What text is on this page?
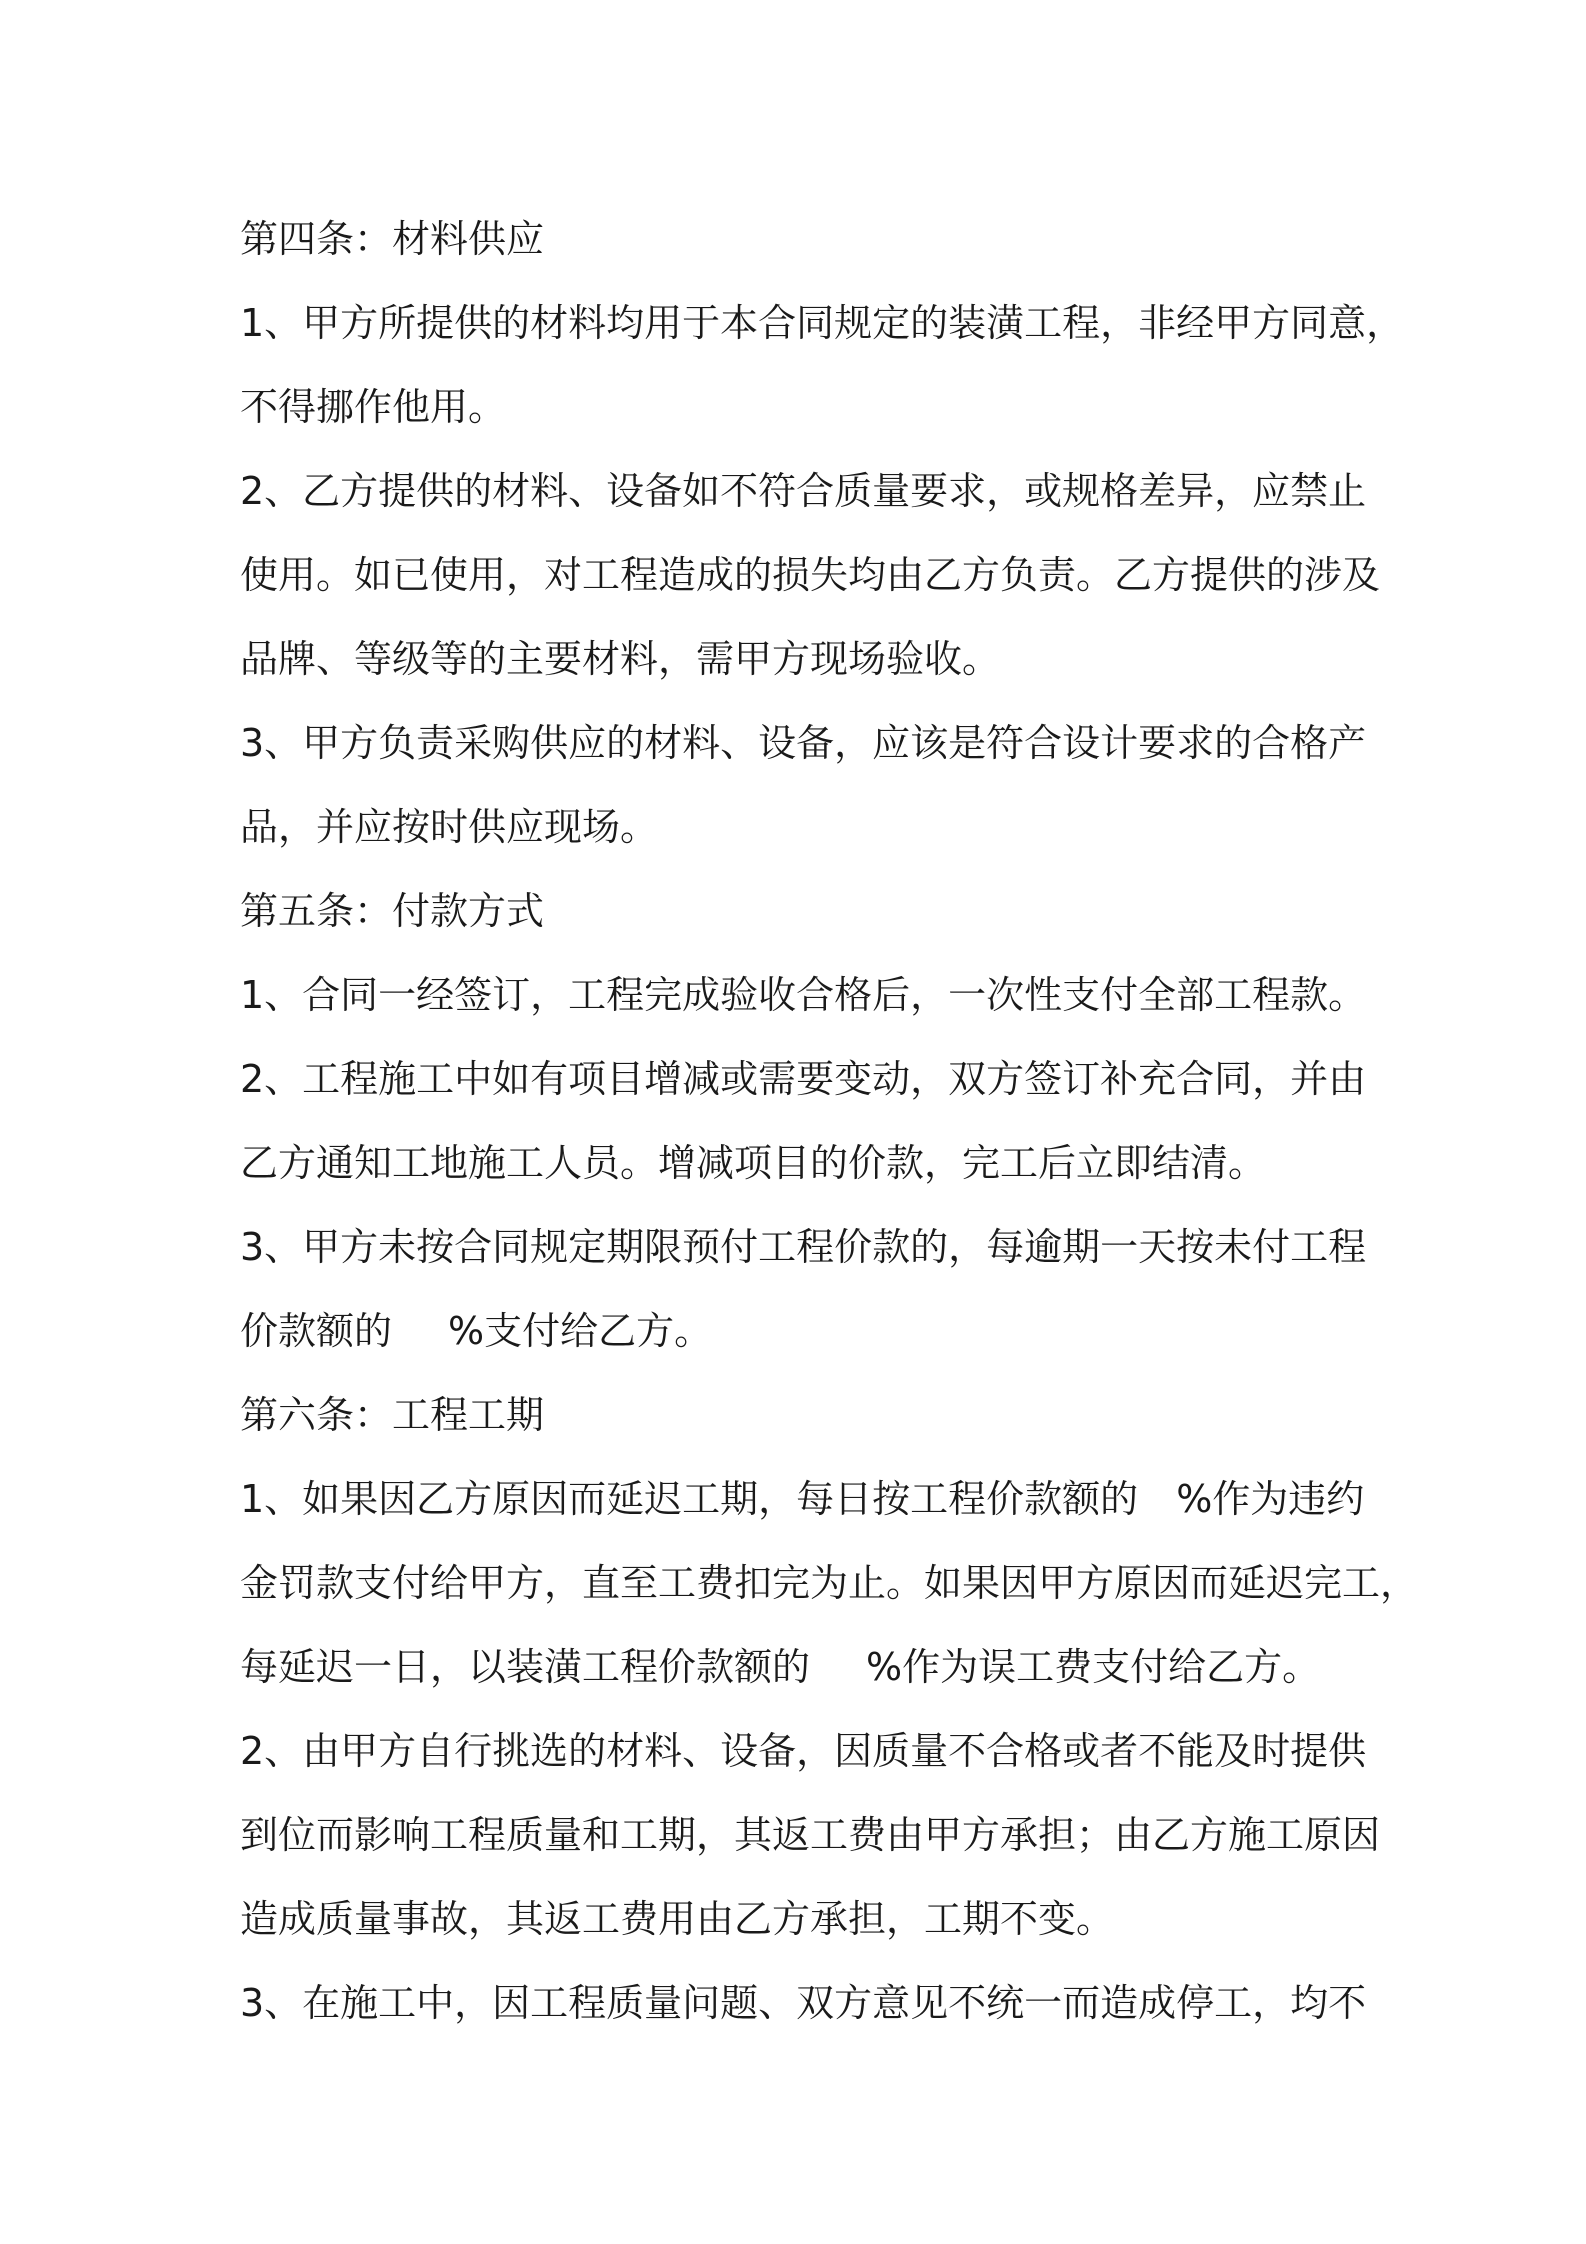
第四条：材料供应
1、甲方所提供的材料均用于本合同规定的装潢工程，非经甲方同意，
不得挪作他用。
2、乙方提供的材料、设备如不符合质量要求，或规格差异，应禁止
使用。如已使用，对工程造成的损失均由乙方负责。乙方提供的涉及
品牌、等级等的主要材料，需甲方现场验收。
3、甲方负责采购供应的材料、设备，应该是符合设计要求的合格产
品，并应按时供应现场。
第五条：付款方式
1、合同一经签订，工程完成验收合格后，一次性支付全部工程款。
2、工程施工中如有项目增减或需要变动，双方签订补充合同，并由
乙方通知工地施工人员。增减项目的价款，完工后立即结清。
3、甲方未按合同规定期限预付工程价款的，每逾期一天按未付工程
价款额的 %支付给乙方。
第六条：工程工期
1、如果因乙方原因而延迟工期，每日按工程价款额的 %作为违约
金罚款支付给甲方，直至工费扣完为止。如果因甲方原因而延迟完工，
每延迟一日，以装潢工程价款额的 %作为误工费支付给乙方。
2、由甲方自行挑选的材料、设备，因质量不合格或者不能及时提供
到位而影响工程质量和工期，其返工费由甲方承担；由乙方施工原因
造成质量事故，其返工费用由乙方承担，工期不变。
3、在施工中，因工程质量问题、双方意见不统一而造成停工，均不
